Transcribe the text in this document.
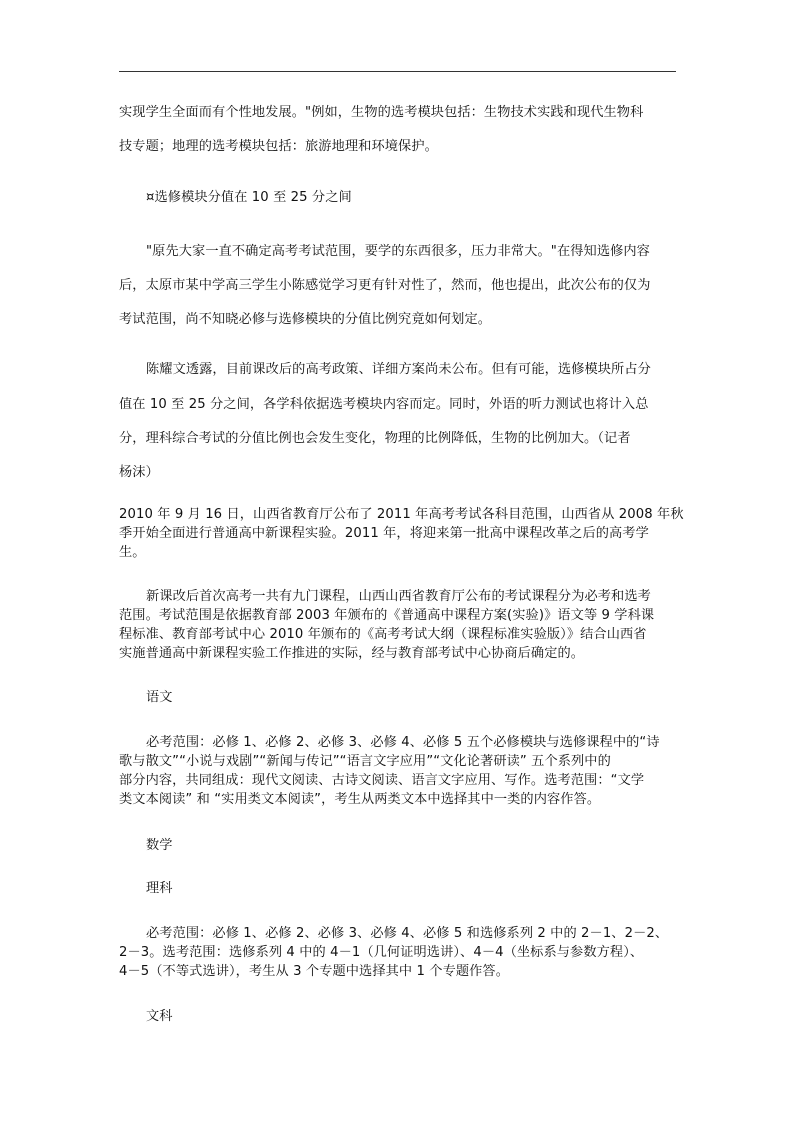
实现学生全面而有个性地发展。"例如，生物的选考模块包括：生物技术实践和现代生物科

技专题；地理的选考模块包括：旅游地理和环境保护。

¤选修模块分值在 10 至 25 分之间

"原先大家一直不确定高考考试范围，要学的东西很多，压力非常大。"在得知选修内容

后，太原市某中学高三学生小陈感觉学习更有针对性了，然而，他也提出，此次公布的仅为

考试范围，尚不知晓必修与选修模块的分值比例究竟如何划定。

陈耀文透露，目前课改后的高考政策、详细方案尚未公布。但有可能，选修模块所占分

值在 10 至 25 分之间，各学科依据选考模块内容而定。同时，外语的听力测试也将计入总

分，理科综合考试的分值比例也会发生变化，物理的比例降低，生物的比例加大。（记者

杨沫）

2010 年 9 月 16 日，山西省教育厅公布了 2011 年高考考试各科目范围，山西省从 2008 年秋

季开始全面进行普通高中新课程实验。2011 年，将迎来第一批高中课程改革之后的高考学

生。

新课改后首次高考一共有九门课程，山西山西省教育厅公布的考试课程分为必考和选考

范围。考试范围是依据教育部 2003 年颁布的《普通高中课程方案(实验)》语文等 9 学科课

程标准、教育部考试中心 2010 年颁布的《高考考试大纲（课程标准实验版）》结合山西省

实施普通高中新课程实验工作推进的实际，经与教育部考试中心协商后确定的。

语文

必考范围：必修 1、必修 2、必修 3、必修 4、必修 5 五个必修模块与选修课程中的“诗

歌与散文”“小说与戏剧”“新闻与传记”“语言文字应用”“文化论著研读” 五个系列中的

部分内容，共同组成：现代文阅读、古诗文阅读、语言文字应用、写作。选考范围：“文学

类文本阅读” 和 “实用类文本阅读”，考生从两类文本中选择其中一类的内容作答。

数学

理科

必考范围：必修 1、必修 2、必修 3、必修 4、必修 5 和选修系列 2 中的 2－1、2－2、

2－3。选考范围：选修系列 4 中的 4－1（几何证明选讲）、4－4（坐标系与参数方程）、

4－5（不等式选讲），考生从 3 个专题中选择其中 1 个专题作答。

文科
